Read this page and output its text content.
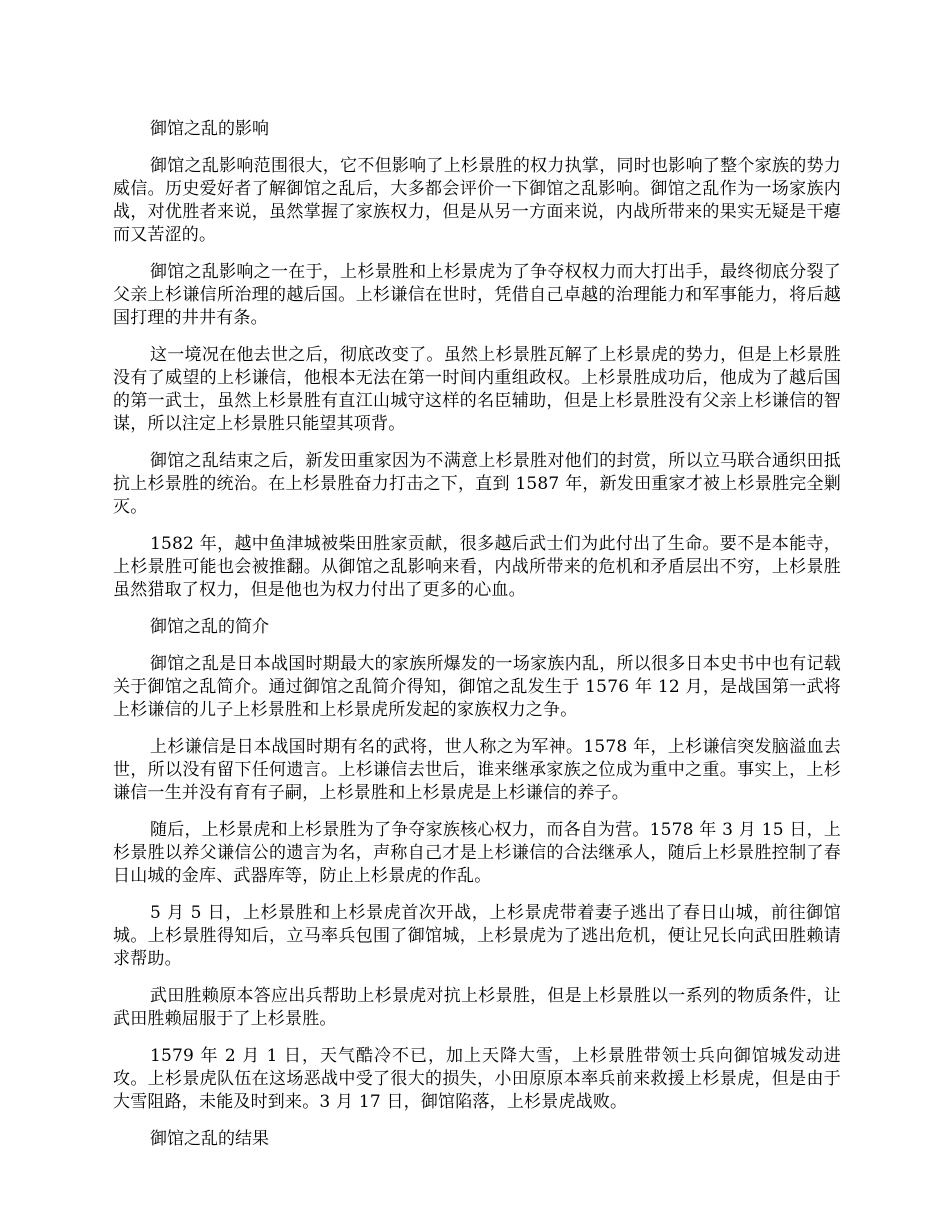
御馆之乱的影响

御馆之乱影响范围很大，它不但影响了上杉景胜的权力执掌，同时也影响了整个家族的势力威信。历史爱好者了解御馆之乱后，大多都会评价一下御馆之乱影响。御馆之乱作为一场家族内战，对优胜者来说，虽然掌握了家族权力，但是从另一方面来说，内战所带来的果实无疑是干瘪而又苦涩的。

御馆之乱影响之一在于，上杉景胜和上杉景虎为了争夺权权力而大打出手，最终彻底分裂了父亲上杉谦信所治理的越后国。上杉谦信在世时，凭借自己卓越的治理能力和军事能力，将后越国打理的井井有条。

这一境况在他去世之后，彻底改变了。虽然上杉景胜瓦解了上杉景虎的势力，但是上杉景胜没有了威望的上杉谦信，他根本无法在第一时间内重组政权。上杉景胜成功后，他成为了越后国的第一武士，虽然上杉景胜有直江山城守这样的名臣辅助，但是上杉景胜没有父亲上杉谦信的智谋，所以注定上杉景胜只能望其项背。

御馆之乱结束之后，新发田重家因为不满意上杉景胜对他们的封赏，所以立马联合通织田抵抗上杉景胜的统治。在上杉景胜奋力打击之下，直到 1587 年，新发田重家才被上杉景胜完全剿灭。

1582 年，越中鱼津城被柴田胜家贡献，很多越后武士们为此付出了生命。要不是本能寺，上杉景胜可能也会被推翻。从御馆之乱影响来看，内战所带来的危机和矛盾层出不穷，上杉景胜虽然猎取了权力，但是他也为权力付出了更多的心血。

御馆之乱的简介

御馆之乱是日本战国时期最大的家族所爆发的一场家族内乱，所以很多日本史书中也有记载关于御馆之乱简介。通过御馆之乱简介得知，御馆之乱发生于 1576 年 12 月，是战国第一武将上杉谦信的儿子上杉景胜和上杉景虎所发起的家族权力之争。

上杉谦信是日本战国时期有名的武将，世人称之为军神。1578 年，上杉谦信突发脑溢血去世，所以没有留下任何遗言。上杉谦信去世后，谁来继承家族之位成为重中之重。事实上，上杉谦信一生并没有育有子嗣，上杉景胜和上杉景虎是上杉谦信的养子。

随后，上杉景虎和上杉景胜为了争夺家族核心权力，而各自为营。1578 年 3 月 15 日，上杉景胜以养父谦信公的遗言为名，声称自己才是上杉谦信的合法继承人，随后上杉景胜控制了春日山城的金库、武器库等，防止上杉景虎的作乱。

5 月 5 日，上杉景胜和上杉景虎首次开战，上杉景虎带着妻子逃出了春日山城，前往御馆城。上杉景胜得知后，立马率兵包围了御馆城，上杉景虎为了逃出危机，便让兄长向武田胜赖请求帮助。

武田胜赖原本答应出兵帮助上杉景虎对抗上杉景胜，但是上杉景胜以一系列的物质条件，让武田胜赖屈服于了上杉景胜。

1579 年 2 月 1 日，天气酷冷不已，加上天降大雪，上杉景胜带领士兵向御馆城发动进攻。上杉景虎队伍在这场恶战中受了很大的损失，小田原原本率兵前来救援上杉景虎，但是由于大雪阻路，未能及时到来。3 月 17 日，御馆陷落，上杉景虎战败。

御馆之乱的结果
